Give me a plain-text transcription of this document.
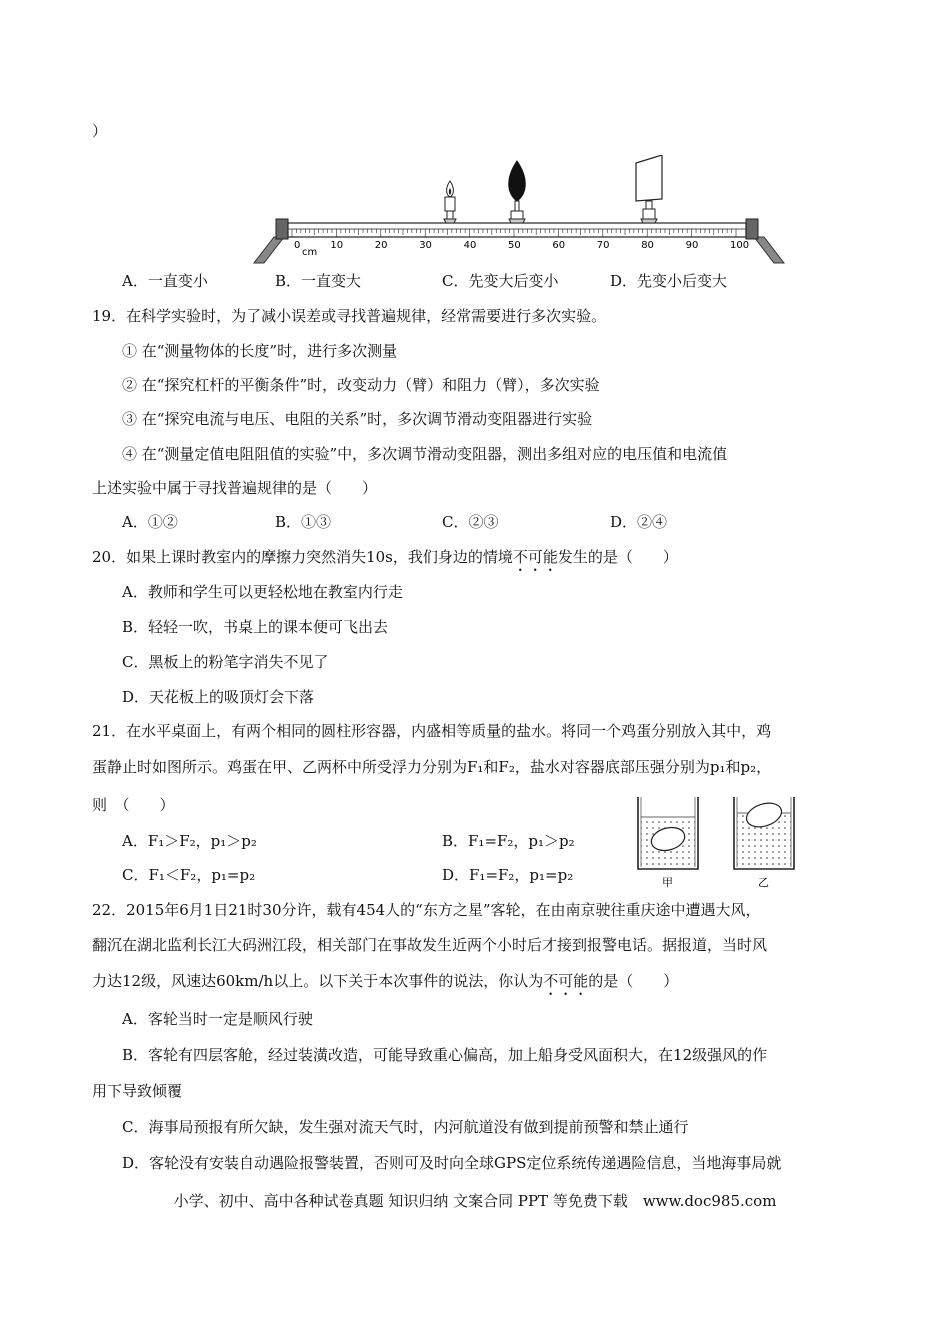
）
0	10	20	30	40	50	60	70	80	90	100
cm
A．一直变小	B．一直变大	C．先变大后变小	D．先变小后变大
19．在科学实验时，为了减小误差或寻找普遍规律，经常需要进行多次实验。
① 在“测量物体的长度”时，进行多次测量
② 在“探究杠杆的平衡条件”时，改变动力（臂）和阻力（臂），多次实验
③ 在“探究电流与电压、电阻的关系”时，多次调节滑动变阻器进行实验
④ 在“测量定值电阻阻值的实验”中，多次调节滑动变阻器，测出多组对应的电压值和电流值
上述实验中属于寻找普遍规律的是（　　）
A．①②	B．①③	C．②③	D．②④
20．如果上课时教室内的摩擦力突然消失10s，我们身边的情境不可能发生的是（　　）
A．教师和学生可以更轻松地在教室内行走
B．轻轻一吹，书桌上的课本便可飞出去
C．黑板上的粉笔字消失不见了
D．天花板上的吸顶灯会下落
21．在水平桌面上，有两个相同的圆柱形容器，内盛相等质量的盐水。将同一个鸡蛋分别放入其中，鸡
蛋静止时如图所示。鸡蛋在甲、乙两杯中所受浮力分别为F₁和F₂，盐水对容器底部压强分别为p₁和p₂，
则　（　　）
A．F₁＞F₂，p₁＞p₂	B．F₁=F₂，p₁＞p₂
C．F₁＜F₂，p₁=p₂	D．F₁=F₂，p₁=p₂	甲	乙
22．2015年6月1日21时30分许，载有454人的“东方之星”客轮，在由南京驶往重庆途中遭遇大风，
翻沉在湖北监利长江大码洲江段，相关部门在事故发生近两个小时后才接到报警电话。据报道，当时风
力达12级，风速达60km/h以上。以下关于本次事件的说法，你认为不可能的是（　　）
A．客轮当时一定是顺风行驶
B．客轮有四层客舱，经过装潢改造，可能导致重心偏高，加上船身受风面积大，在12级强风的作
用下导致倾覆
C．海事局预报有所欠缺，发生强对流天气时，内河航道没有做到提前预警和禁止通行
D．客轮没有安装自动遇险报警装置，否则可及时向全球GPS定位系统传递遇险信息，当地海事局就
小学、初中、高中各种试卷真题 知识归纳 文案合同 PPT 等免费下载　www.doc985.com
